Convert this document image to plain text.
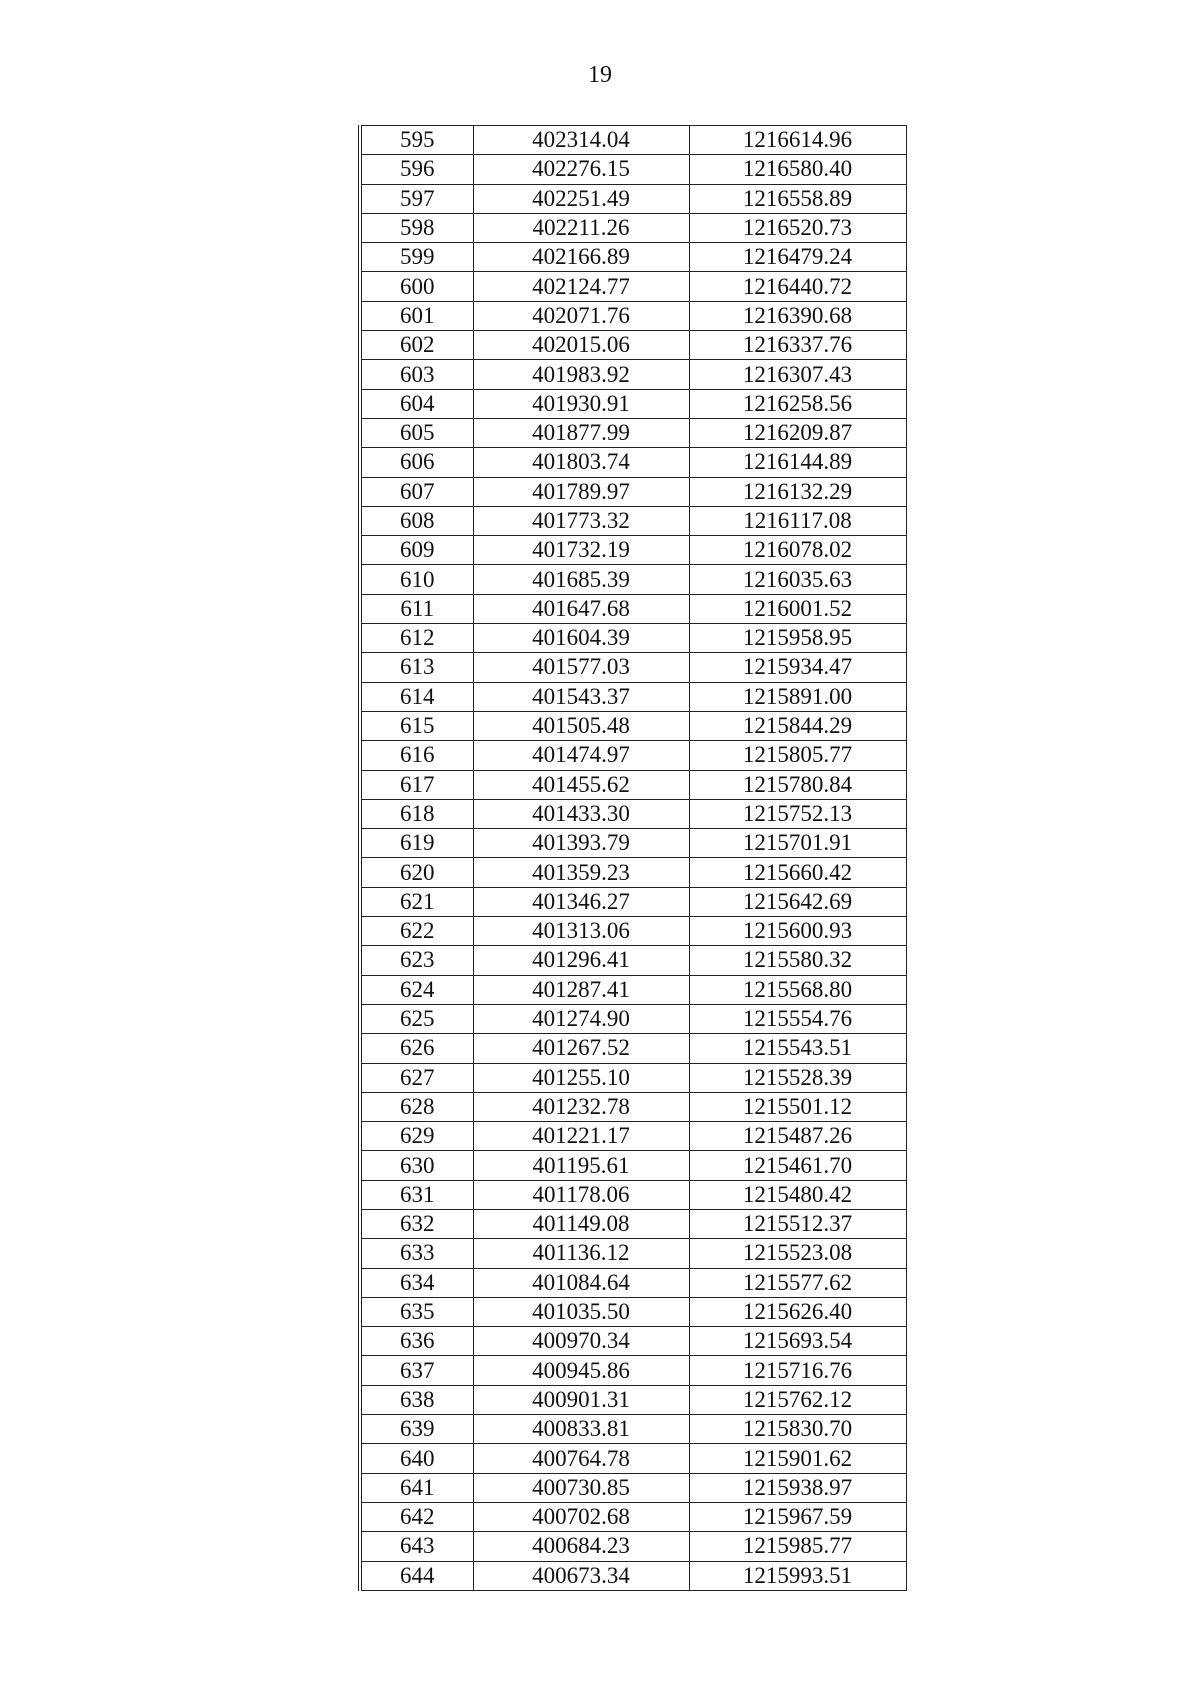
19
595	402314.04	1216614.96
596	402276.15	1216580.40
597	402251.49	1216558.89
598	402211.26	1216520.73
599	402166.89	1216479.24
600	402124.77	1216440.72
601	402071.76	1216390.68
602	402015.06	1216337.76
603	401983.92	1216307.43
604	401930.91	1216258.56
605	401877.99	1216209.87
606	401803.74	1216144.89
607	401789.97	1216132.29
608	401773.32	1216117.08
609	401732.19	1216078.02
610	401685.39	1216035.63
611	401647.68	1216001.52
612	401604.39	1215958.95
613	401577.03	1215934.47
614	401543.37	1215891.00
615	401505.48	1215844.29
616	401474.97	1215805.77
617	401455.62	1215780.84
618	401433.30	1215752.13
619	401393.79	1215701.91
620	401359.23	1215660.42
621	401346.27	1215642.69
622	401313.06	1215600.93
623	401296.41	1215580.32
624	401287.41	1215568.80
625	401274.90	1215554.76
626	401267.52	1215543.51
627	401255.10	1215528.39
628	401232.78	1215501.12
629	401221.17	1215487.26
630	401195.61	1215461.70
631	401178.06	1215480.42
632	401149.08	1215512.37
633	401136.12	1215523.08
634	401084.64	1215577.62
635	401035.50	1215626.40
636	400970.34	1215693.54
637	400945.86	1215716.76
638	400901.31	1215762.12
639	400833.81	1215830.70
640	400764.78	1215901.62
641	400730.85	1215938.97
642	400702.68	1215967.59
643	400684.23	1215985.77
644	400673.34	1215993.51
